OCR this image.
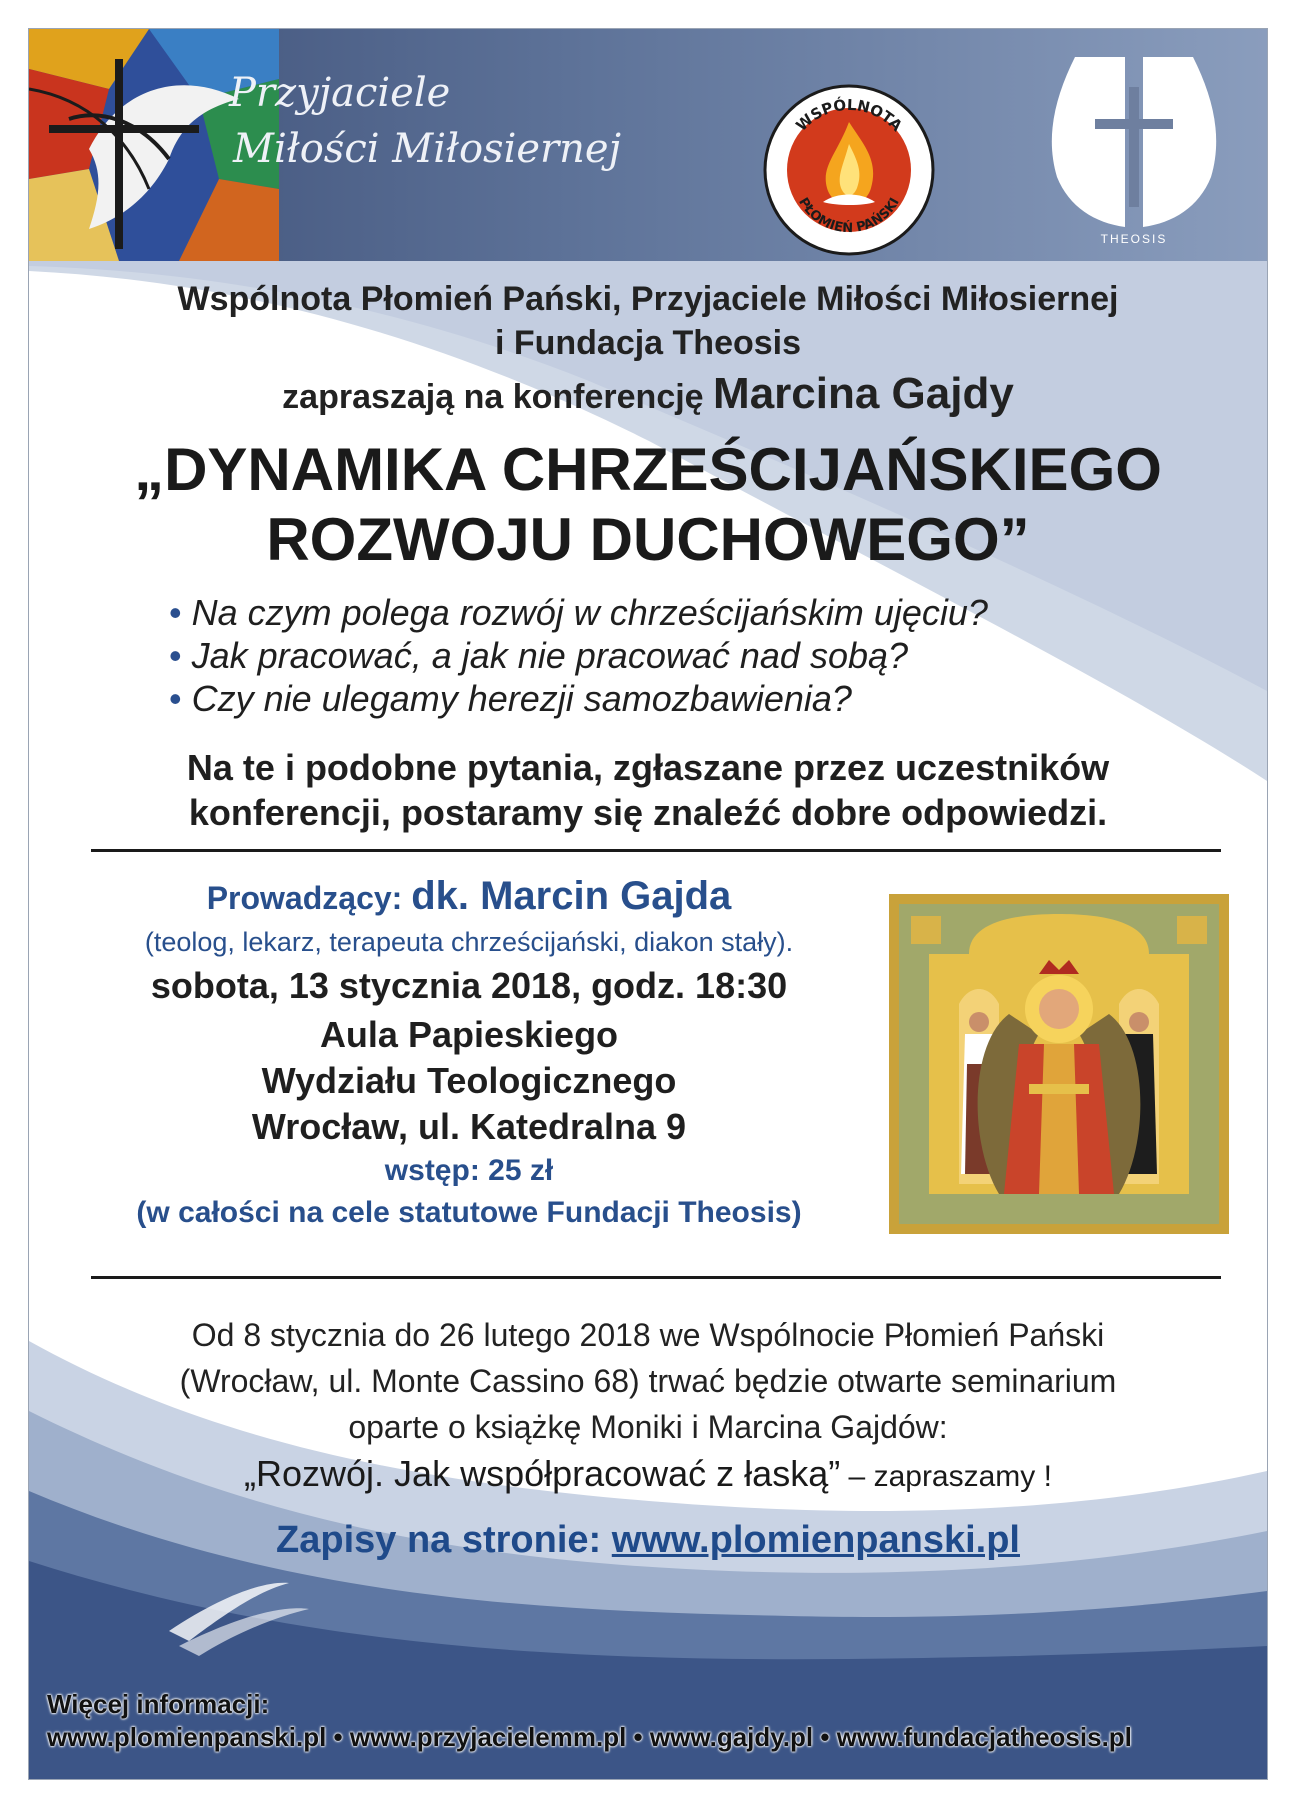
Przyjaciele
Miłości Miłosiernej
WSPÓLNOTA
PŁOMIEŃ PAŃSKI
THEOSIS
Wspólnota Płomień Pański, Przyjaciele Miłości Miłosiernej
i Fundacja Theosis
zapraszają na konferencję Marcina Gajdy
„DYNAMIKA CHRZEŚCIJAŃSKIEGO
ROZWOJU DUCHOWEGO”
• Na czym polega rozwój w chrześcijańskim ujęciu?
• Jak pracować, a jak nie pracować nad sobą?
• Czy nie ulegamy herezji samozbawienia?
Na te i podobne pytania, zgłaszane przez uczestników
konferencji, postaramy się znaleźć dobre odpowiedzi.
Prowadzący: dk. Marcin Gajda
(teolog, lekarz, terapeuta chrześcijański, diakon stały).
sobota, 13 stycznia 2018, godz. 18:30
Aula Papieskiego
Wydziału Teologicznego
Wrocław, ul. Katedralna 9
wstęp: 25 zł
(w całości na cele statutowe Fundacji Theosis)
Od 8 stycznia do 26 lutego 2018 we Wspólnocie Płomień Pański
(Wrocław, ul. Monte Cassino 68) trwać będzie otwarte seminarium
oparte o książkę Moniki i Marcina Gajdów:
„Rozwój. Jak współpracować z łaską” – zapraszamy !
Zapisy na stronie: www.plomienpanski.pl
Więcej informacji:
www.plomienpanski.pl • www.przyjacielemm.pl • www.gajdy.pl • www.fundacjatheosis.pl
